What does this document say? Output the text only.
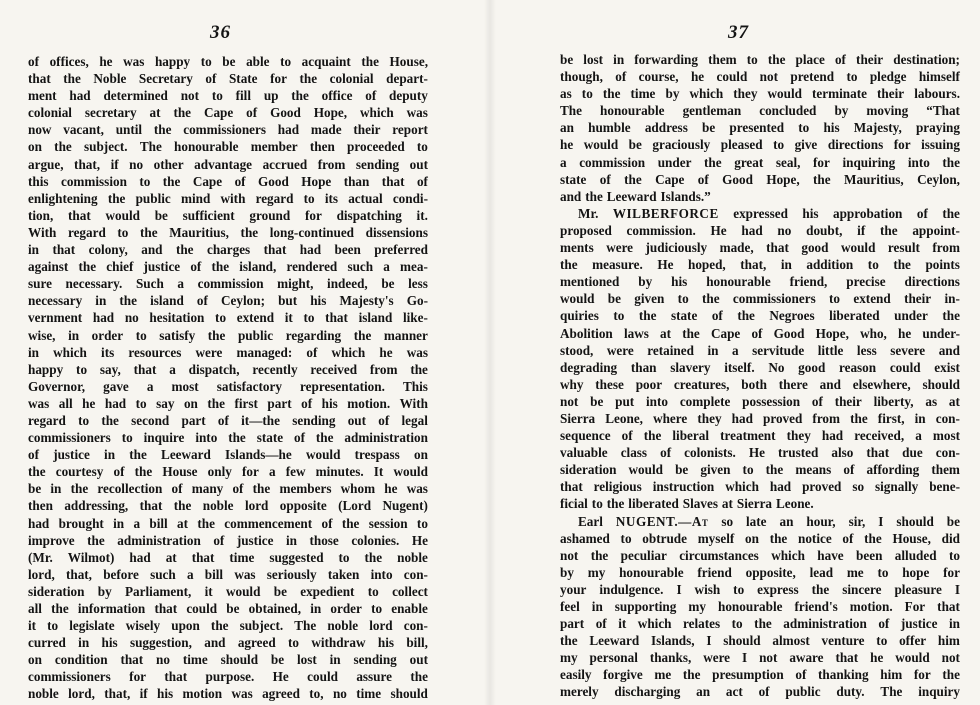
36
of offices, he was happy to be able to acquaint the House,
that the Noble Secretary of State for the colonial depart-
ment had determined not to fill up the office of deputy
colonial secretary at the Cape of Good Hope, which was
now vacant, until the commissioners had made their report
on the subject. The honourable member then proceeded to
argue, that, if no other advantage accrued from sending out
this commission to the Cape of Good Hope than that of
enlightening the public mind with regard to its actual condi-
tion, that would be sufficient ground for dispatching it.
With regard to the Mauritius, the long-continued dissensions
in that colony, and the charges that had been preferred
against the chief justice of the island, rendered such a mea-
sure necessary. Such a commission might, indeed, be less
necessary in the island of Ceylon; but his Majesty's Go-
vernment had no hesitation to extend it to that island like-
wise, in order to satisfy the public regarding the manner
in which its resources were managed: of which he was
happy to say, that a dispatch, recently received from the
Governor, gave a most satisfactory representation. This
was all he had to say on the first part of his motion. With
regard to the second part of it—the sending out of legal
commissioners to inquire into the state of the administration
of justice in the Leeward Islands—he would trespass on
the courtesy of the House only for a few minutes. It would
be in the recollection of many of the members whom he was
then addressing, that the noble lord opposite (Lord Nugent)
had brought in a bill at the commencement of the session to
improve the administration of justice in those colonies. He
(Mr. Wilmot) had at that time suggested to the noble
lord, that, before such a bill was seriously taken into con-
sideration by Parliament, it would be expedient to collect
all the information that could be obtained, in order to enable
it to legislate wisely upon the subject. The noble lord con-
curred in his suggestion, and agreed to withdraw his bill,
on condition that no time should be lost in sending out
commissioners for that purpose. He could assure the
noble lord, that, if his motion was agreed to, no time should
37
be lost in forwarding them to the place of their destination;
though, of course, he could not pretend to pledge himself
as to the time by which they would terminate their labours.
The honourable gentleman concluded by moving “That
an humble address be presented to his Majesty, praying
he would be graciously pleased to give directions for issuing
a commission under the great seal, for inquiring into the
state of the Cape of Good Hope, the Mauritius, Ceylon,
and the Leeward Islands.”
Mr. WILBERFORCE expressed his approbation of the
proposed commission. He had no doubt, if the appoint-
ments were judiciously made, that good would result from
the measure. He hoped, that, in addition to the points
mentioned by his honourable friend, precise directions
would be given to the commissioners to extend their in-
quiries to the state of the Negroes liberated under the
Abolition laws at the Cape of Good Hope, who, he under-
stood, were retained in a servitude little less severe and
degrading than slavery itself. No good reason could exist
why these poor creatures, both there and elsewhere, should
not be put into complete possession of their liberty, as at
Sierra Leone, where they had proved from the first, in con-
sequence of the liberal treatment they had received, a most
valuable class of colonists. He trusted also that due con-
sideration would be given to the means of affording them
that religious instruction which had proved so signally bene-
ficial to the liberated Slaves at Sierra Leone.
Earl NUGENT.—At so late an hour, sir, I should be
ashamed to obtrude myself on the notice of the House, did
not the peculiar circumstances which have been alluded to
by my honourable friend opposite, lead me to hope for
your indulgence. I wish to express the sincere pleasure I
feel in supporting my honourable friend's motion. For that
part of it which relates to the administration of justice in
the Leeward Islands, I should almost venture to offer him
my personal thanks, were I not aware that he would not
easily forgive me the presumption of thanking him for the
merely discharging an act of public duty. The inquiry
